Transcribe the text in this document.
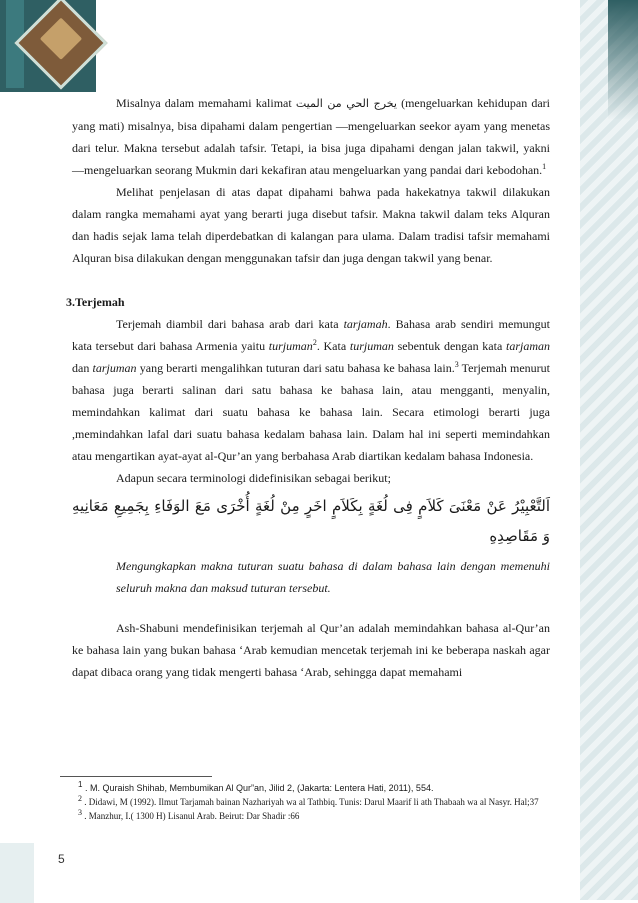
Misalnya dalam memahami kalimat يخرج الحي من الميت (mengeluarkan kehidupan dari yang mati) misalnya, bisa dipahami dalam pengertian ―mengeluarkan seekor ayam yang menetas dari telur. Makna tersebut adalah tafsir. Tetapi, ia bisa juga dipahami dengan jalan takwil, yakni ―mengeluarkan seorang Mukmin dari kekafiran atau mengeluarkan yang pandai dari kebodohan.$^1$

Melihat penjelasan di atas dapat dipahami bahwa pada hakekatnya takwil dilakukan dalam rangka memahami ayat yang berarti juga disebut tafsir. Makna takwil dalam teks Alquran dan hadis sejak lama telah diperdebatkan di kalangan para ulama. Dalam tradisi tafsir memahami Alquran bisa dilakukan dengan menggunakan tafsir dan juga dengan takwil yang benar.

3.Terjemah

Terjemah diambil dari bahasa arab dari kata tarjamah. Bahasa arab sendiri memungut kata tersebut dari bahasa Armenia yaitu turjuman$^2$. Kata turjuman sebentuk dengan kata tarjaman dan tarjuman yang berarti mengalihkan tuturan dari satu bahasa ke bahasa lain.$^3$ Terjemah menurut bahasa juga berarti salinan dari satu bahasa ke bahasa lain, atau mengganti, menyalin, memindahkan kalimat dari suatu bahasa ke bahasa lain. Secara etimologi berarti juga ,memindahkan lafal dari suatu bahasa kedalam bahasa lain. Dalam hal ini seperti memindahkan atau mengartikan ayat-ayat al-Qur’an yang berbahasa Arab diartikan kedalam bahasa Indonesia.

Adapun secara terminologi didefinisikan sebagai berikut;

اَلتَّعْبِيْرُ عَنْ مَعْنَىَ كَلاَمٍ فِى لُغَةٍ بِكَلاَمٍ اخَرٍ مِنْ لُغَةٍ أُخْرَى مَعَ الوَفَاءِ بِجَمِيعِ مَعَانِيهِ وَ مَقَاصِدِهِ
Mengungkapkan makna tuturan suatu bahasa di dalam bahasa lain dengan memenuhi seluruh makna dan maksud tuturan tersebut.

Ash-Shabuni mendefinisikan terjemah al Qur’an adalah memindahkan bahasa al-Qur’an ke bahasa lain yang bukan bahasa ‘Arab kemudian mencetak terjemah ini ke beberapa naskah agar dapat dibaca orang yang tidak mengerti bahasa ‘Arab, sehingga dapat memahami

$^1$ . M. Quraish Shihab, Membumikan Al Qur”an, Jilid 2, (Jakarta: Lentera Hati, 2011), 554.

$^2$ . Didawi, M (1992). Ilmut Tarjamah bainan Nazhariyah wa al Tathbiq. Tunis: Darul Maarif li ath Thabaah wa al Nasyr. Hal;37

$^3$ . Manzhur, I.( 1300 H) Lisanul Arab. Beirut: Dar Shadir :66

5
